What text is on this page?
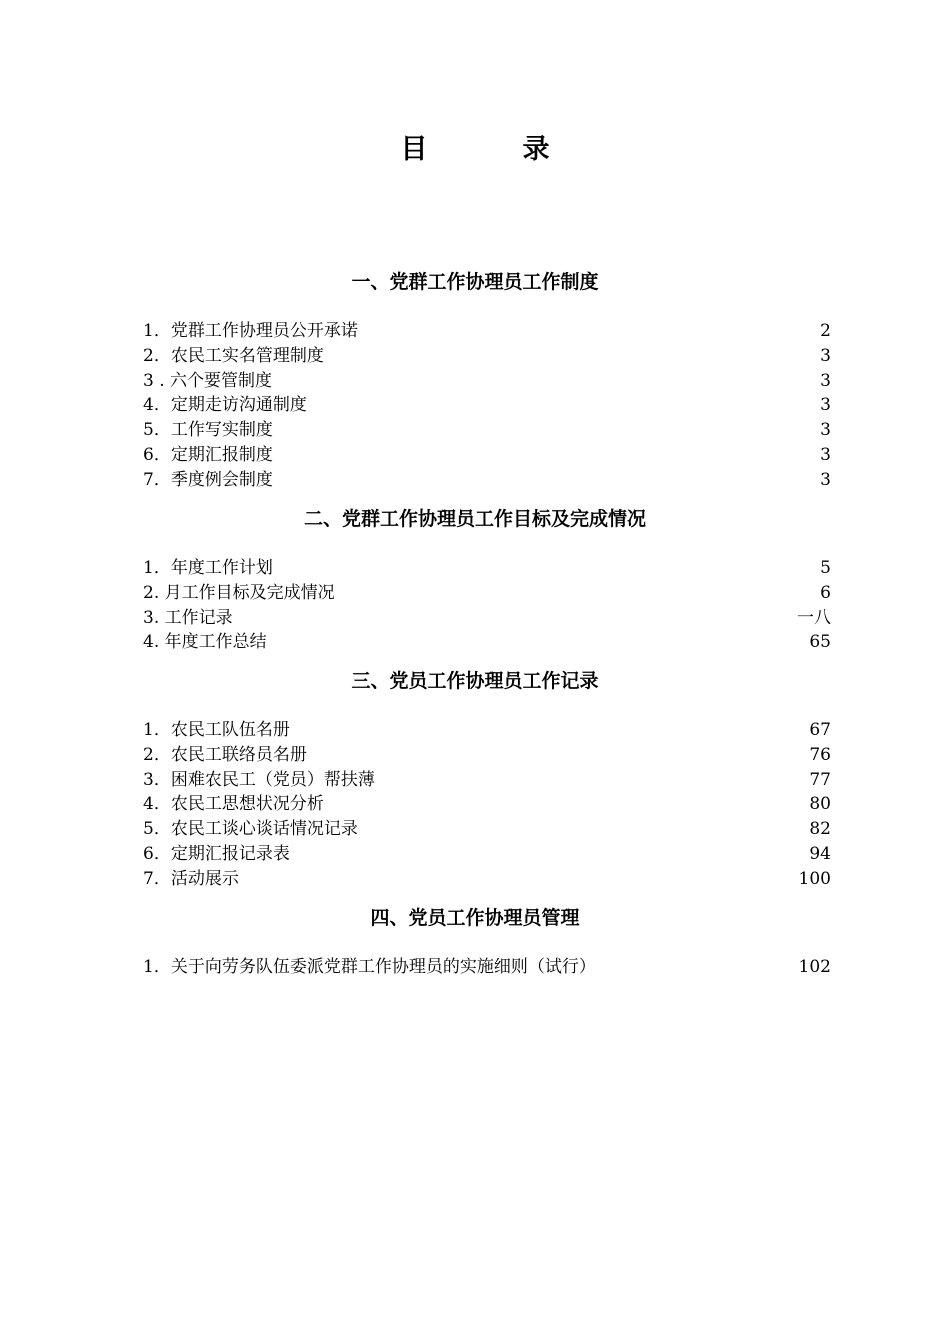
目　录
一、党群工作协理员工作制度
1．党群工作协理员公开承诺	2
2．农民工实名管理制度	3
3 . 六个要管制度	3
4．定期走访沟通制度	3
5．工作写实制度	3
6．定期汇报制度	3
7．季度例会制度	3
二、党群工作协理员工作目标及完成情况
1．年度工作计划	5
2. 月工作目标及完成情况	6
3. 工作记录	一八
4. 年度工作总结	65
三、党员工作协理员工作记录
1．农民工队伍名册	67
2．农民工联络员名册	76
3．困难农民工（党员）帮扶薄	77
4．农民工思想状况分析	80
5．农民工谈心谈话情况记录	82
6．定期汇报记录表	94
7．活动展示	100
四、党员工作协理员管理
1．关于向劳务队伍委派党群工作协理员的实施细则（试行）	102
